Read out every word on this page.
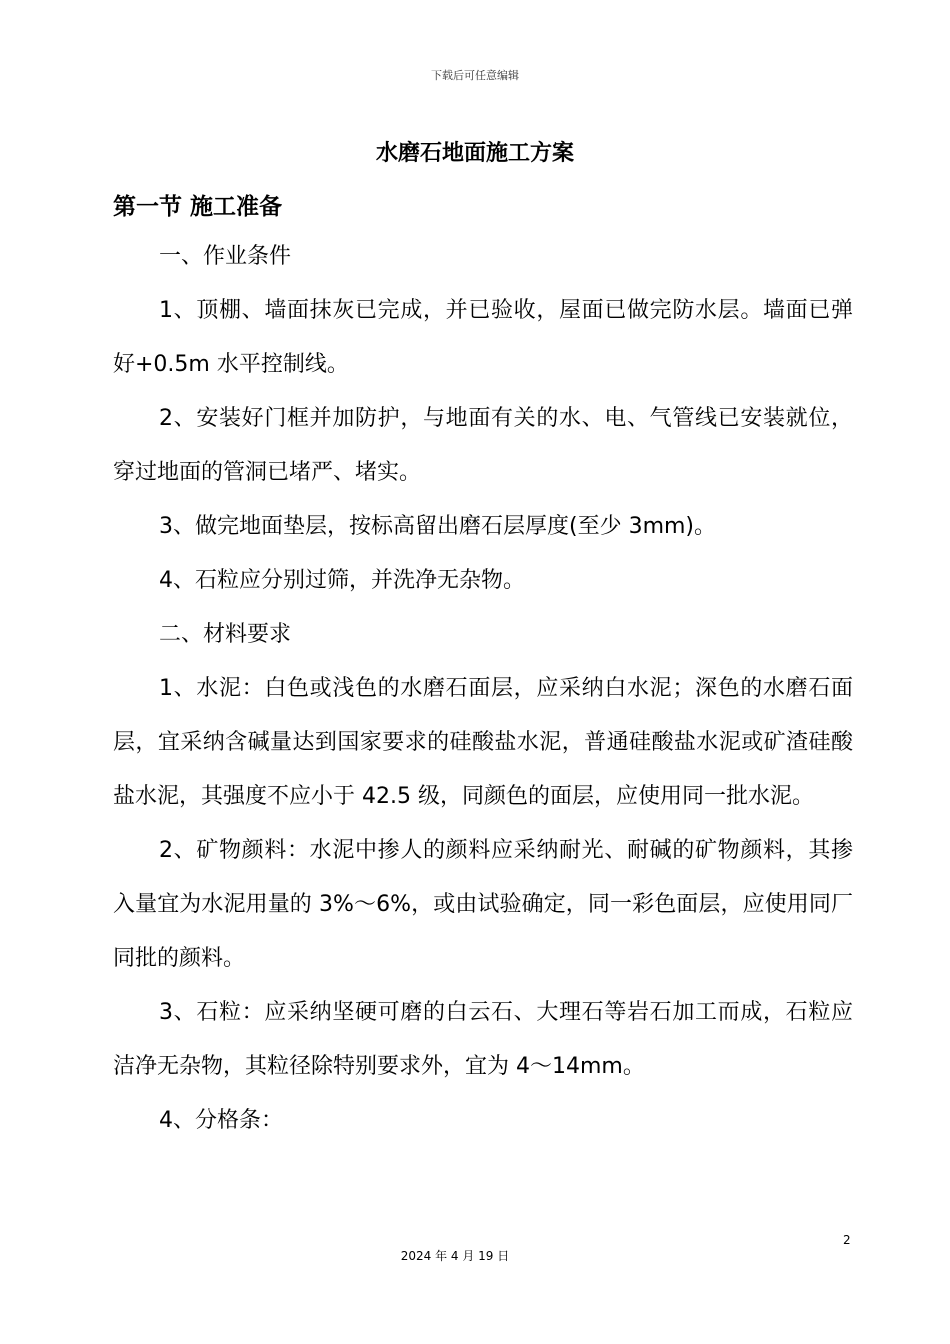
下载后可任意编辑
水磨石地面施工方案
第一节 施工准备

一、作业条件

1、顶棚、墙面抹灰已完成，并已验收，屋面已做完防水层。墙面已弹好+0.5m 水平控制线。

2、安装好门框并加防护，与地面有关的水、电、气管线已安装就位，穿过地面的管洞已堵严、堵实。

3、做完地面垫层，按标高留出磨石层厚度(至少 3mm)。

4、石粒应分别过筛，并洗净无杂物。

二、材料要求

1、水泥：白色或浅色的水磨石面层，应采纳白水泥；深色的水磨石面层，宜采纳含碱量达到国家要求的硅酸盐水泥，普通硅酸盐水泥或矿渣硅酸盐水泥，其强度不应小于 42.5 级，同颜色的面层，应使用同一批水泥。

2、矿物颜料：水泥中掺人的颜料应采纳耐光、耐碱的矿物颜料，其掺入量宜为水泥用量的 3%～6%，或由试验确定，同一彩色面层，应使用同厂同批的颜料。

3、石粒：应采纳坚硬可磨的白云石、大理石等岩石加工而成，石粒应洁净无杂物，其粒径除特别要求外，宜为 4～14mm。

4、分格条：

2
2024 年 4 月 19 日
